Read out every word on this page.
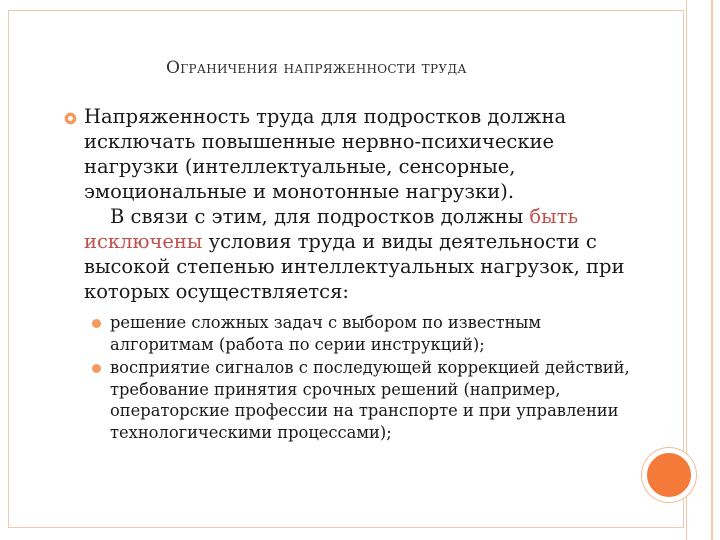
Ограничения напряженности труда

Напряженность труда для подростков должна исключать повышенные нервно-психические нагрузки (интеллектуальные, сенсорные, эмоциональные и монотонные нагрузки).

В связи с этим, для подростков должны быть исключены условия труда и виды деятельности с высокой степенью интеллектуальных нагрузок, при которых осуществляется:

решение сложных задач с выбором по известным алгоритмам (работа по серии инструкций);
восприятие сигналов с последующей коррекцией действий, требование принятия срочных решений (например, операторские профессии на транспорте и при управлении технологическими процессами);
